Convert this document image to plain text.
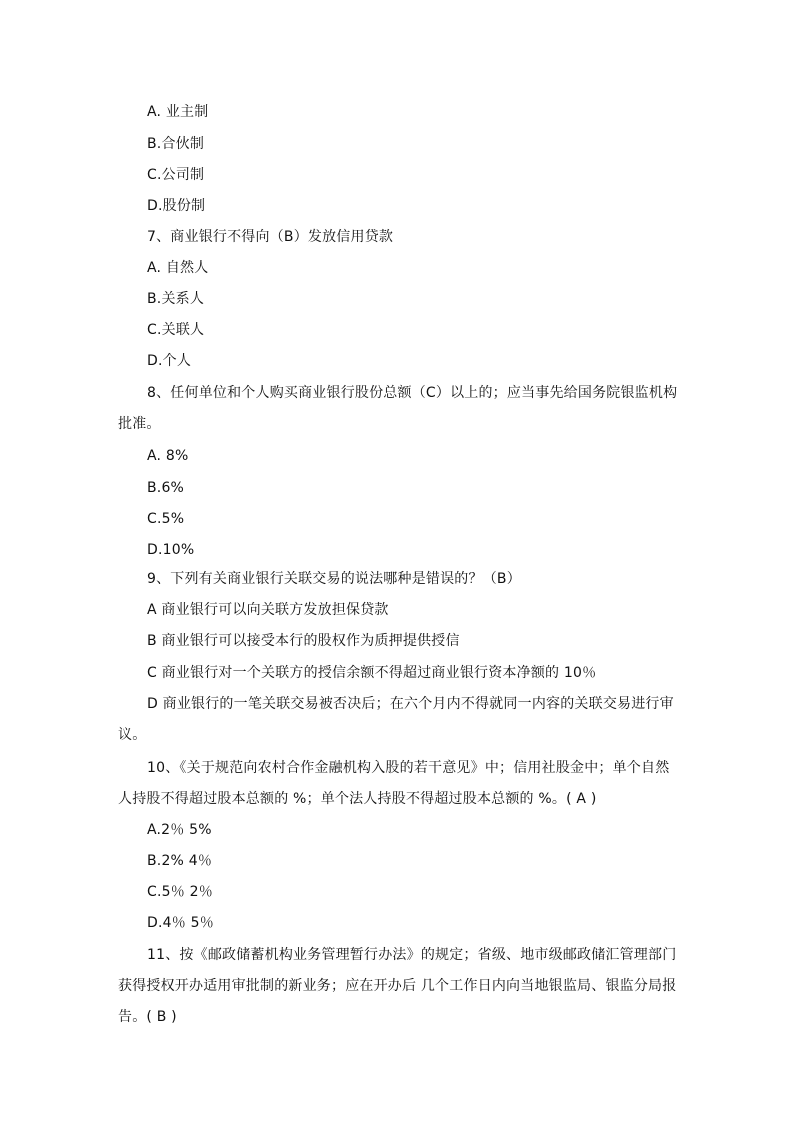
A. 业主制
B.合伙制
C.公司制
D.股份制
7、商业银行不得向（B）发放信用贷款
A. 自然人
B.关系人
C.关联人
D.个人
8、任何单位和个人购买商业银行股份总额（C）以上的；应当事先给国务院银监机构
批准。
A. 8%
B.6%
C.5%
D.10%
9、下列有关商业银行关联交易的说法哪种是错误的？（B）
A 商业银行可以向关联方发放担保贷款
B 商业银行可以接受本行的股权作为质押提供授信
C 商业银行对一个关联方的授信余额不得超过商业银行资本净额的 10％
D 商业银行的一笔关联交易被否决后；在六个月内不得就同一内容的关联交易进行审
议。
10、《关于规范向农村合作金融机构入股的若干意见》中；信用社股金中；单个自然
人持股不得超过股本总额的 %；单个法人持股不得超过股本总额的 %。( A )
A.2％ 5%
B.2% 4％
C.5％ 2％
D.4％ 5％
11、按《邮政储蓄机构业务管理暂行办法》的规定；省级、地市级邮政储汇管理部门
获得授权开办适用审批制的新业务；应在开办后 几个工作日内向当地银监局、银监分局报
告。( B )
